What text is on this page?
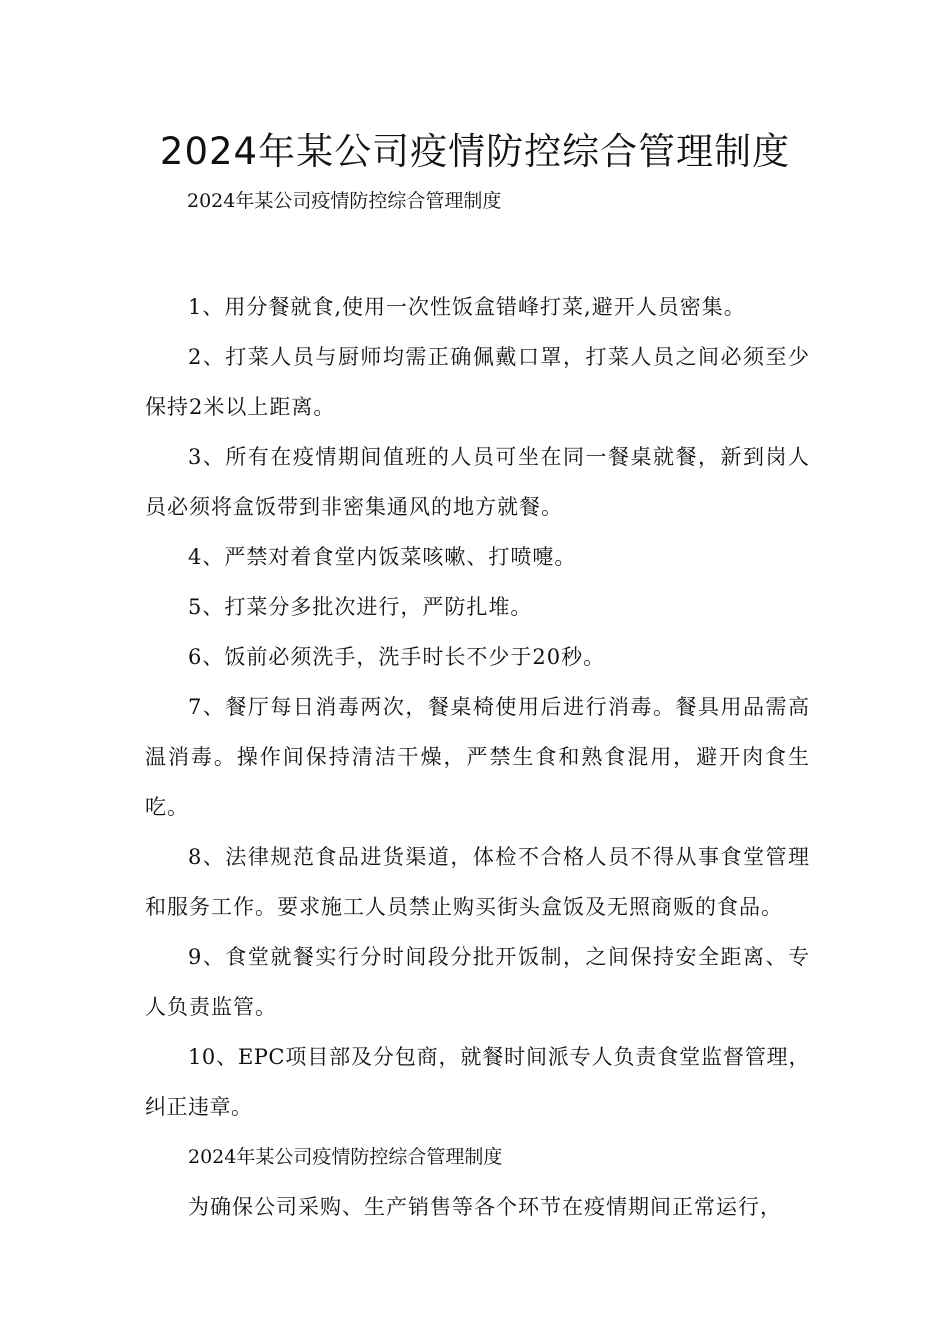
2024年某公司疫情防控综合管理制度

2024年某公司疫情防控综合管理制度

1、用分餐就食,使用一次性饭盒错峰打菜,避开人员密集。

2、打菜人员与厨师均需正确佩戴口罩，打菜人员之间必须至少保持2米以上距离。

3、所有在疫情期间值班的人员可坐在同一餐桌就餐，新到岗人员必须将盒饭带到非密集通风的地方就餐。

4、严禁对着食堂内饭菜咳嗽、打喷嚏。

5、打菜分多批次进行，严防扎堆。

6、饭前必须洗手，洗手时长不少于20秒。

7、餐厅每日消毒两次，餐桌椅使用后进行消毒。餐具用品需高温消毒。操作间保持清洁干燥，严禁生食和熟食混用，避开肉食生吃。

8、法律规范食品进货渠道，体检不合格人员不得从事食堂管理和服务工作。要求施工人员禁止购买街头盒饭及无照商贩的食品。

9、食堂就餐实行分时间段分批开饭制，之间保持安全距离、专人负责监管。

10、EPC项目部及分包商，就餐时间派专人负责食堂监督管理，纠正违章。

2024年某公司疫情防控综合管理制度

为确保公司采购、生产销售等各个环节在疫情期间正常运行，
